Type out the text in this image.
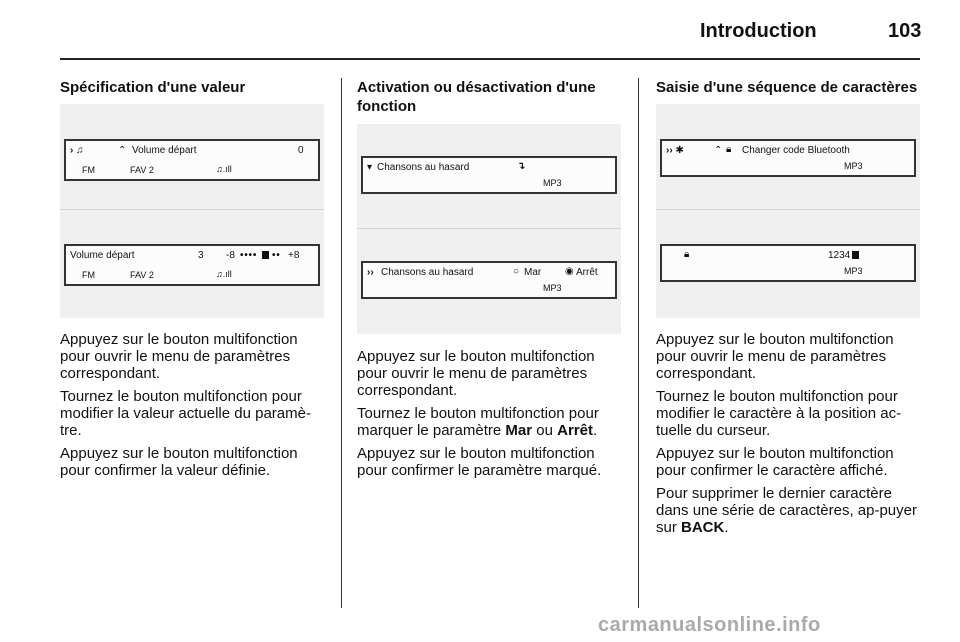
Introduction	103
Spécification d'une valeur
› ♫	⌃ Volume départ	0
FM	FAV 2	♫.ıll
Volume départ	3 -8 • • • • • • +8
FM	FAV 2	♫.ıll

Appuyez sur le bouton multifonction pour ouvrir le menu de paramètres correspondant.

Tournez le bouton multifonction pour modifier la valeur actuelle du paramè-tre.

Appuyez sur le bouton multifonction pour confirmer la valeur définie.

Activation ou désactivation d'une fonction
▾ Chansons au hasard	↴
MP3
›› Chansons au hasard	○ Mar ◉ Arrêt
MP3

Appuyez sur le bouton multifonction pour ouvrir le menu de paramètres correspondant.

Tournez le bouton multifonction pour marquer le paramètre Mar ou Arrêt.

Appuyez sur le bouton multifonction pour confirmer le paramètre marqué.

Saisie d'une séquence de caractères
›› ✱	⌃ 🔒︎ Changer code Bluetooth
MP3
🔒︎	1234
MP3

Appuyez sur le bouton multifonction pour ouvrir le menu de paramètres correspondant.

Tournez le bouton multifonction pour modifier le caractère à la position ac-tuelle du curseur.

Appuyez sur le bouton multifonction pour confirmer le caractère affiché.

Pour supprimer le dernier caractère dans une série de caractères, ap-puyer sur BACK.

carmanualsonline.info
